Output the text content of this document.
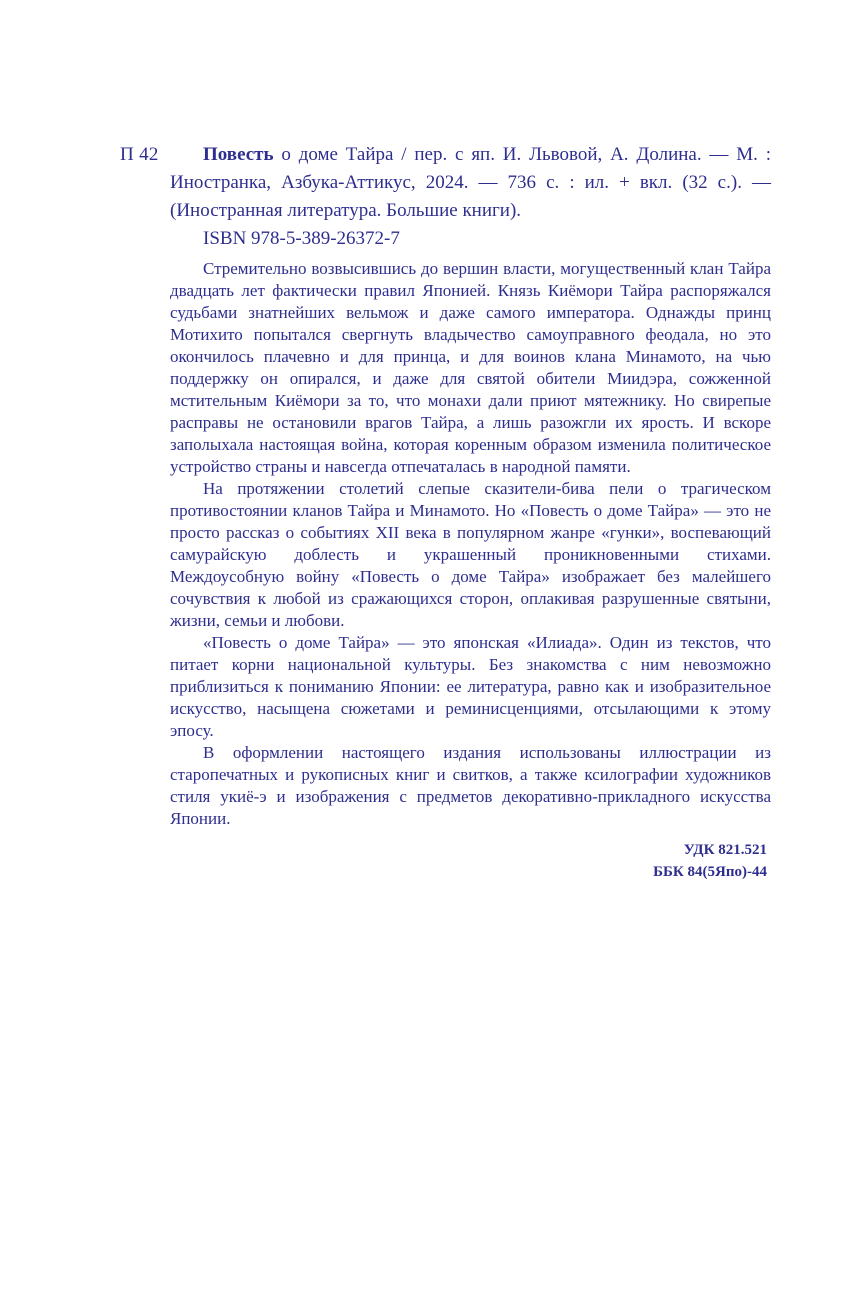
П 42	Повесть о доме Тайра / пер. с яп. И. Львовой, А. Долина. — М. : Иностранка, Азбука-Аттикус, 2024. — 736 с. : ил. + вкл. (32 с.). — (Иностранная литература. Большие книги).

ISBN 978-5-389-26372-7

Стремительно возвысившись до вершин власти, могущественный клан Тайра двадцать лет фактически правил Японией. Князь Киёмори Тайра распоряжался судьбами знатнейших вельмож и даже самого императора. Однажды принц Мотихито попытался свергнуть владычество самоуправного феодала, но это окончилось плачевно и для принца, и для воинов клана Минамото, на чью поддержку он опирался, и даже для святой обители Миидэра, сожженной мстительным Киёмори за то, что монахи дали приют мятежнику. Но свирепые расправы не остановили врагов Тайра, а лишь разожгли их ярость. И вскоре заполыхала настоящая война, которая коренным образом изменила политическое устройство страны и навсегда отпечаталась в народной памяти.

На протяжении столетий слепые сказители-бива пели о трагическом противостоянии кланов Тайра и Минамото. Но «Повесть о доме Тайра» — это не просто рассказ о событиях XII века в популярном жанре «гунки», воспевающий самурайскую доблесть и украшенный проникновенными стихами. Междоусобную войну «Повесть о доме Тайра» изображает без малейшего сочувствия к любой из сражающихся сторон, оплакивая разрушенные святыни, жизни, семьи и любови.

«Повесть о доме Тайра» — это японская «Илиада». Один из текстов, что питает корни национальной культуры. Без знакомства с ним невозможно приблизиться к пониманию Японии: ее литература, равно как и изобразительное искусство, насыщена сюжетами и реминисценциями, отсылающими к этому эпосу.

В оформлении настоящего издания использованы иллюстрации из старопечатных и рукописных книг и свитков, а также ксилографии художников стиля укиё-э и изображения с предметов декоративно-прикладного искусства Японии.

УДК 821.521
ББК 84(5Япо)-44
